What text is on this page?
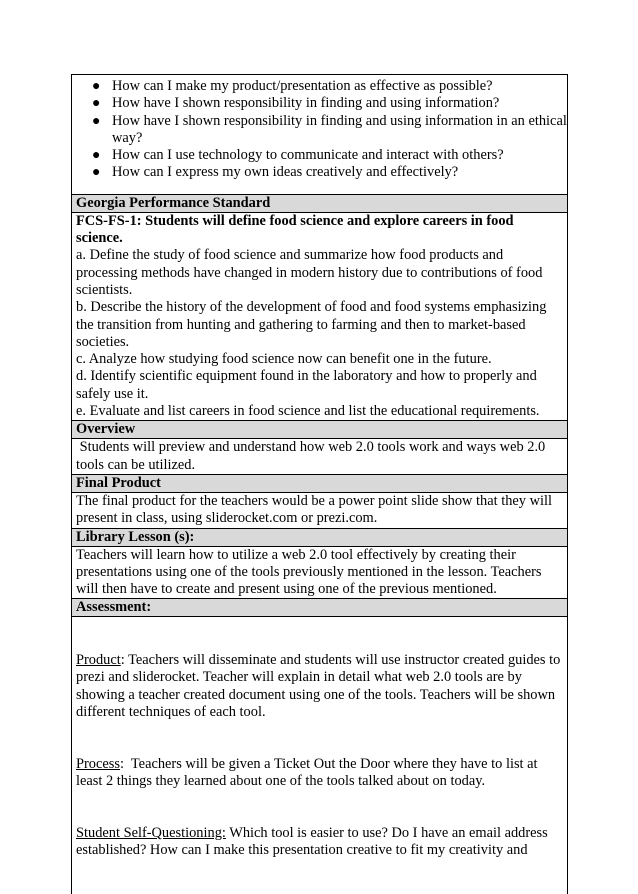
● How can I make my product/presentation as effective as possible?
● How have I shown responsibility in finding and using information?
● How have I shown responsibility in finding and using information in an ethical way?
● How can I use technology to communicate and interact with others?
● How can I express my own ideas creatively and effectively?
Georgia Performance Standard

FCS-FS-1: Students will define food science and explore careers in food science.

a. Define the study of food science and summarize how food products and processing methods have changed in modern history due to contributions of food scientists.

b. Describe the history of the development of food and food systems emphasizing the transition from hunting and gathering to farming and then to market-based societies.

c. Analyze how studying food science now can benefit one in the future.

d. Identify scientific equipment found in the laboratory and how to properly and safely use it.

e. Evaluate and list careers in food science and list the educational requirements.

Overview
Students will preview and understand how web 2.0 tools work and ways web 2.0 tools can be utilized.
Final Product
The final product for the teachers would be a power point slide show that they will present in class, using sliderocket.com or prezi.com.
Library Lesson (s):
Teachers will learn how to utilize a web 2.0 tool effectively by creating their presentations using one of the tools previously mentioned in the lesson. Teachers will then have to create and present using one of the previous mentioned.
Assessment:

Product: Teachers will disseminate and students will use instructor created guides to prezi and sliderocket. Teacher will explain in detail what web 2.0 tools are by showing a teacher created document using one of the tools. Teachers will be shown different techniques of each tool.

Process:  Teachers will be given a Ticket Out the Door where they have to list at least 2 things they learned about one of the tools talked about on today.

Student Self-Questioning: Which tool is easier to use? Do I have an email address established? How can I make this presentation creative to fit my creativity and
